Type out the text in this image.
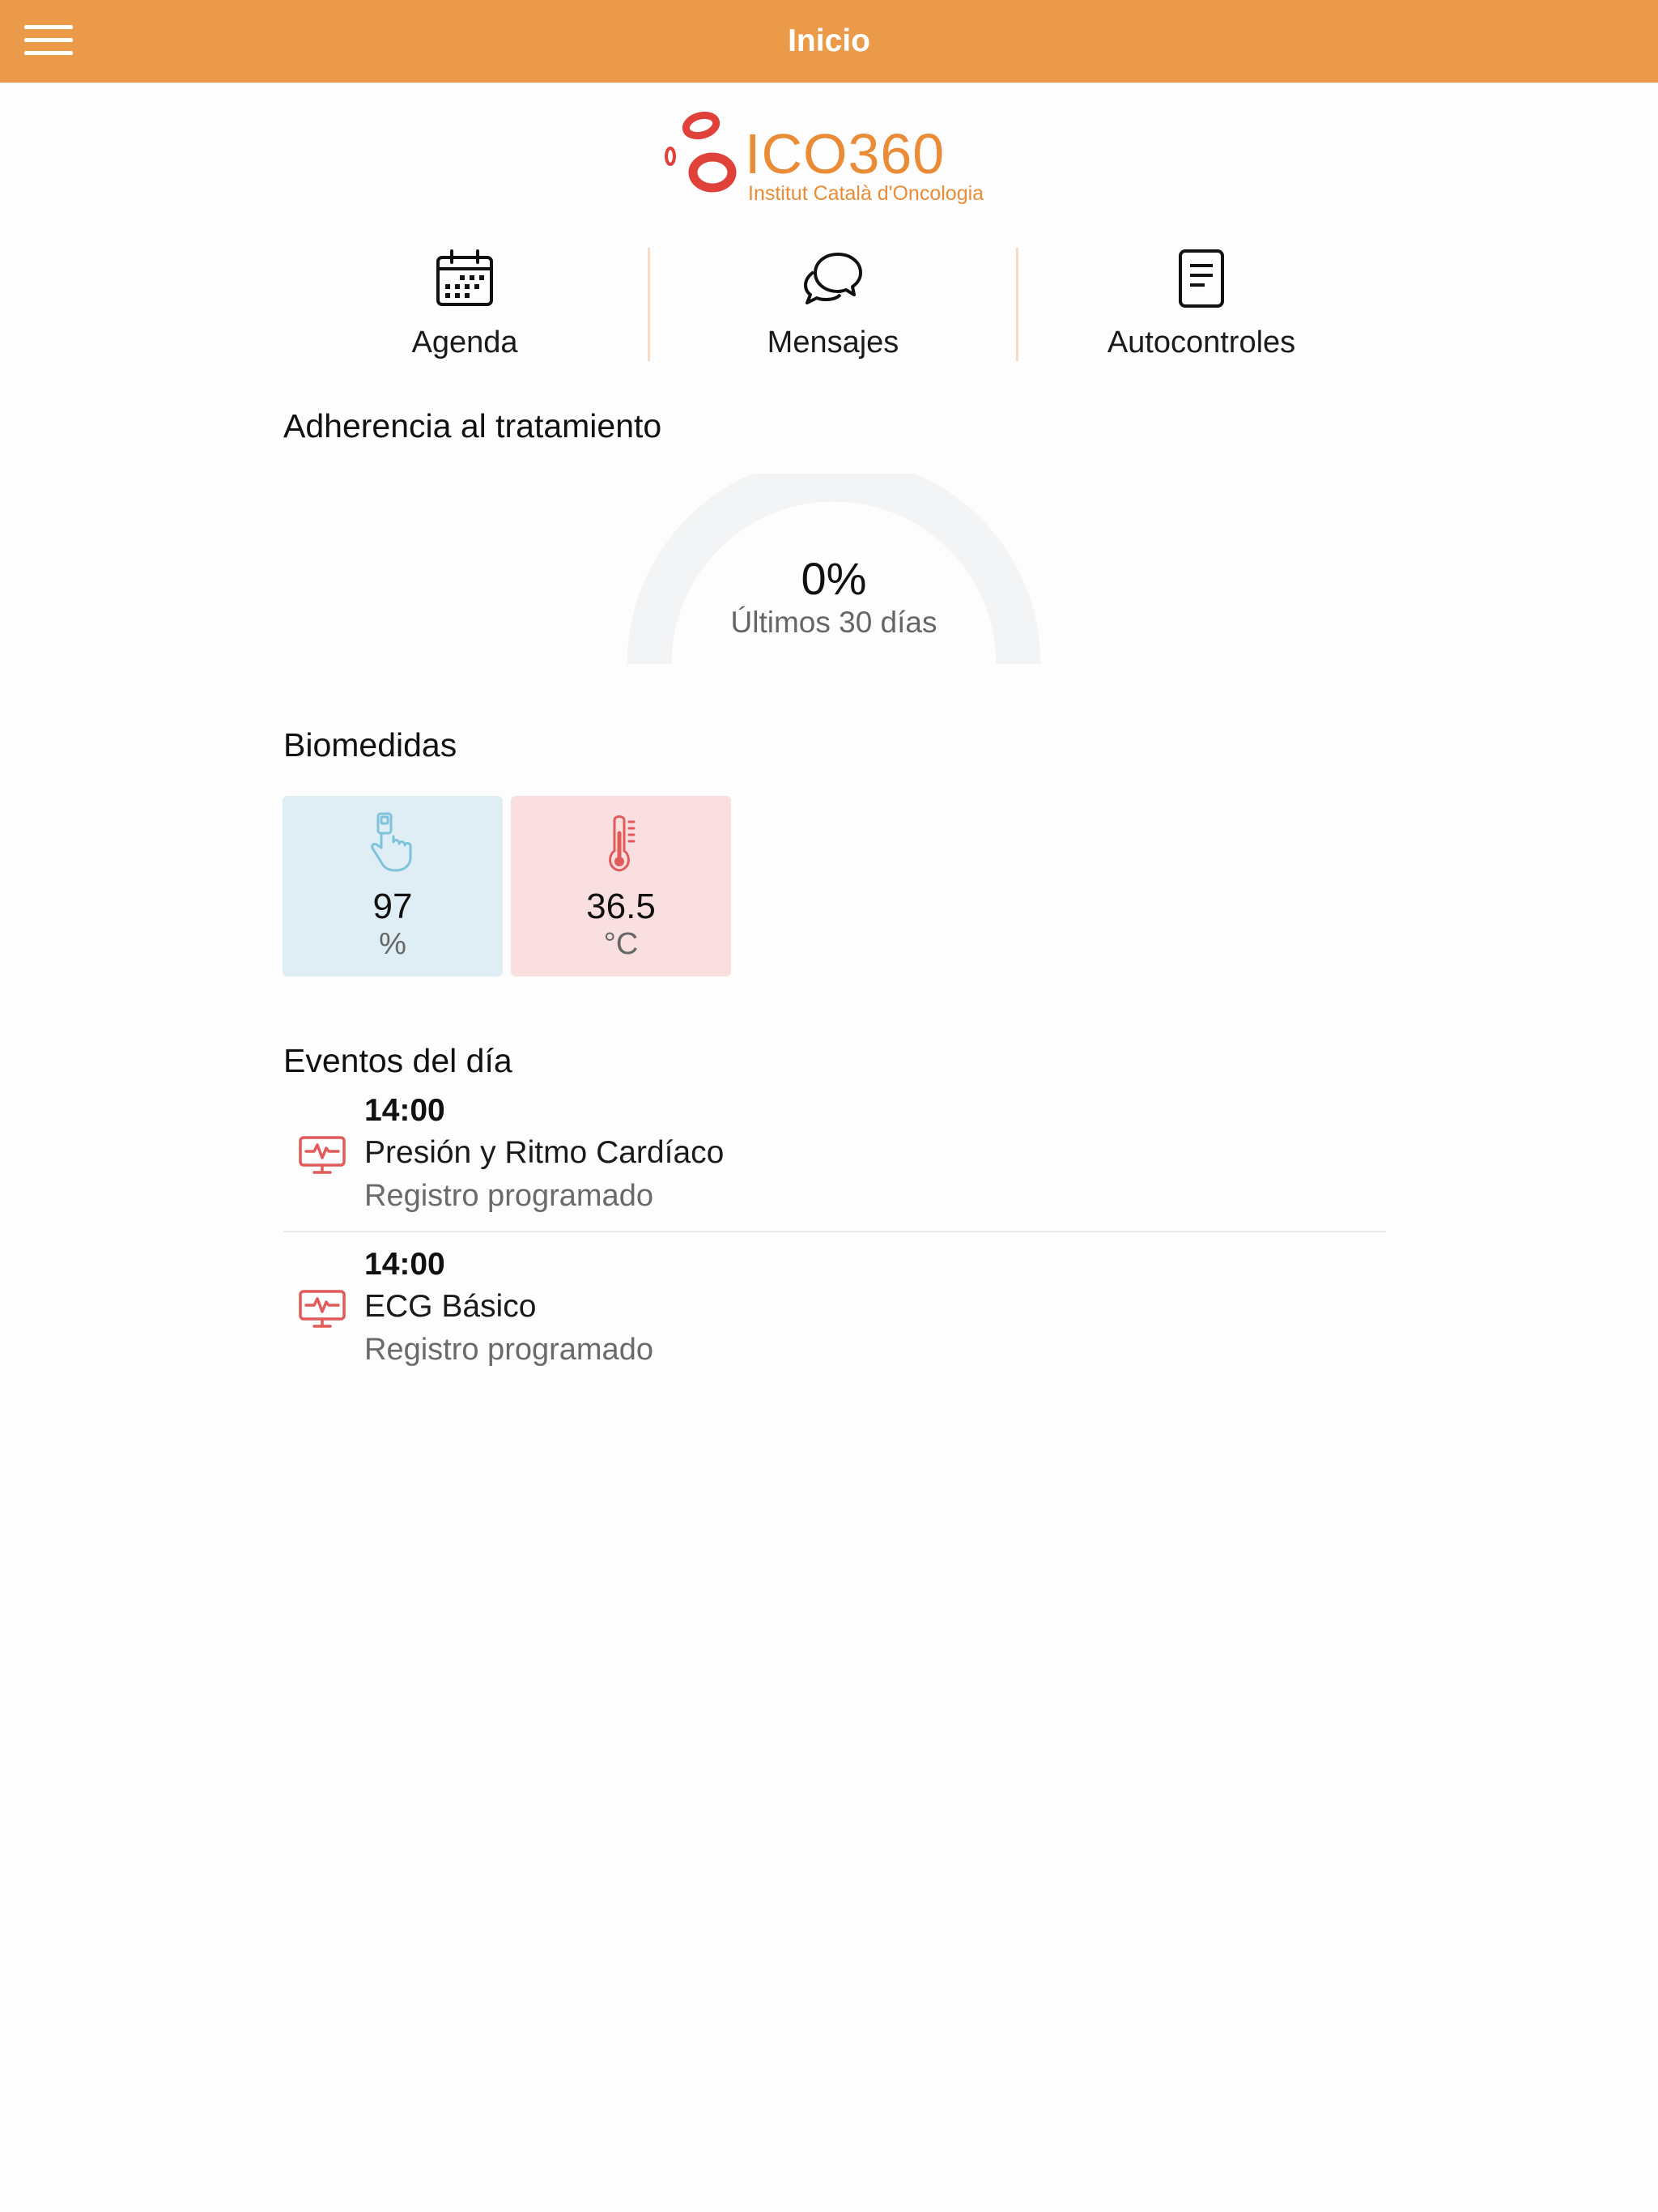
Inicio
ICO360
Institut Català d'Oncologia
Agenda	Mensajes	Autocontroles
Adherencia al tratamiento
0%
Últimos 30 días
Biomedidas
97
%
36.5
°C
Eventos del día
14:00
Presión y Ritmo Cardíaco
Registro programado
14:00
ECG Básico
Registro programado
